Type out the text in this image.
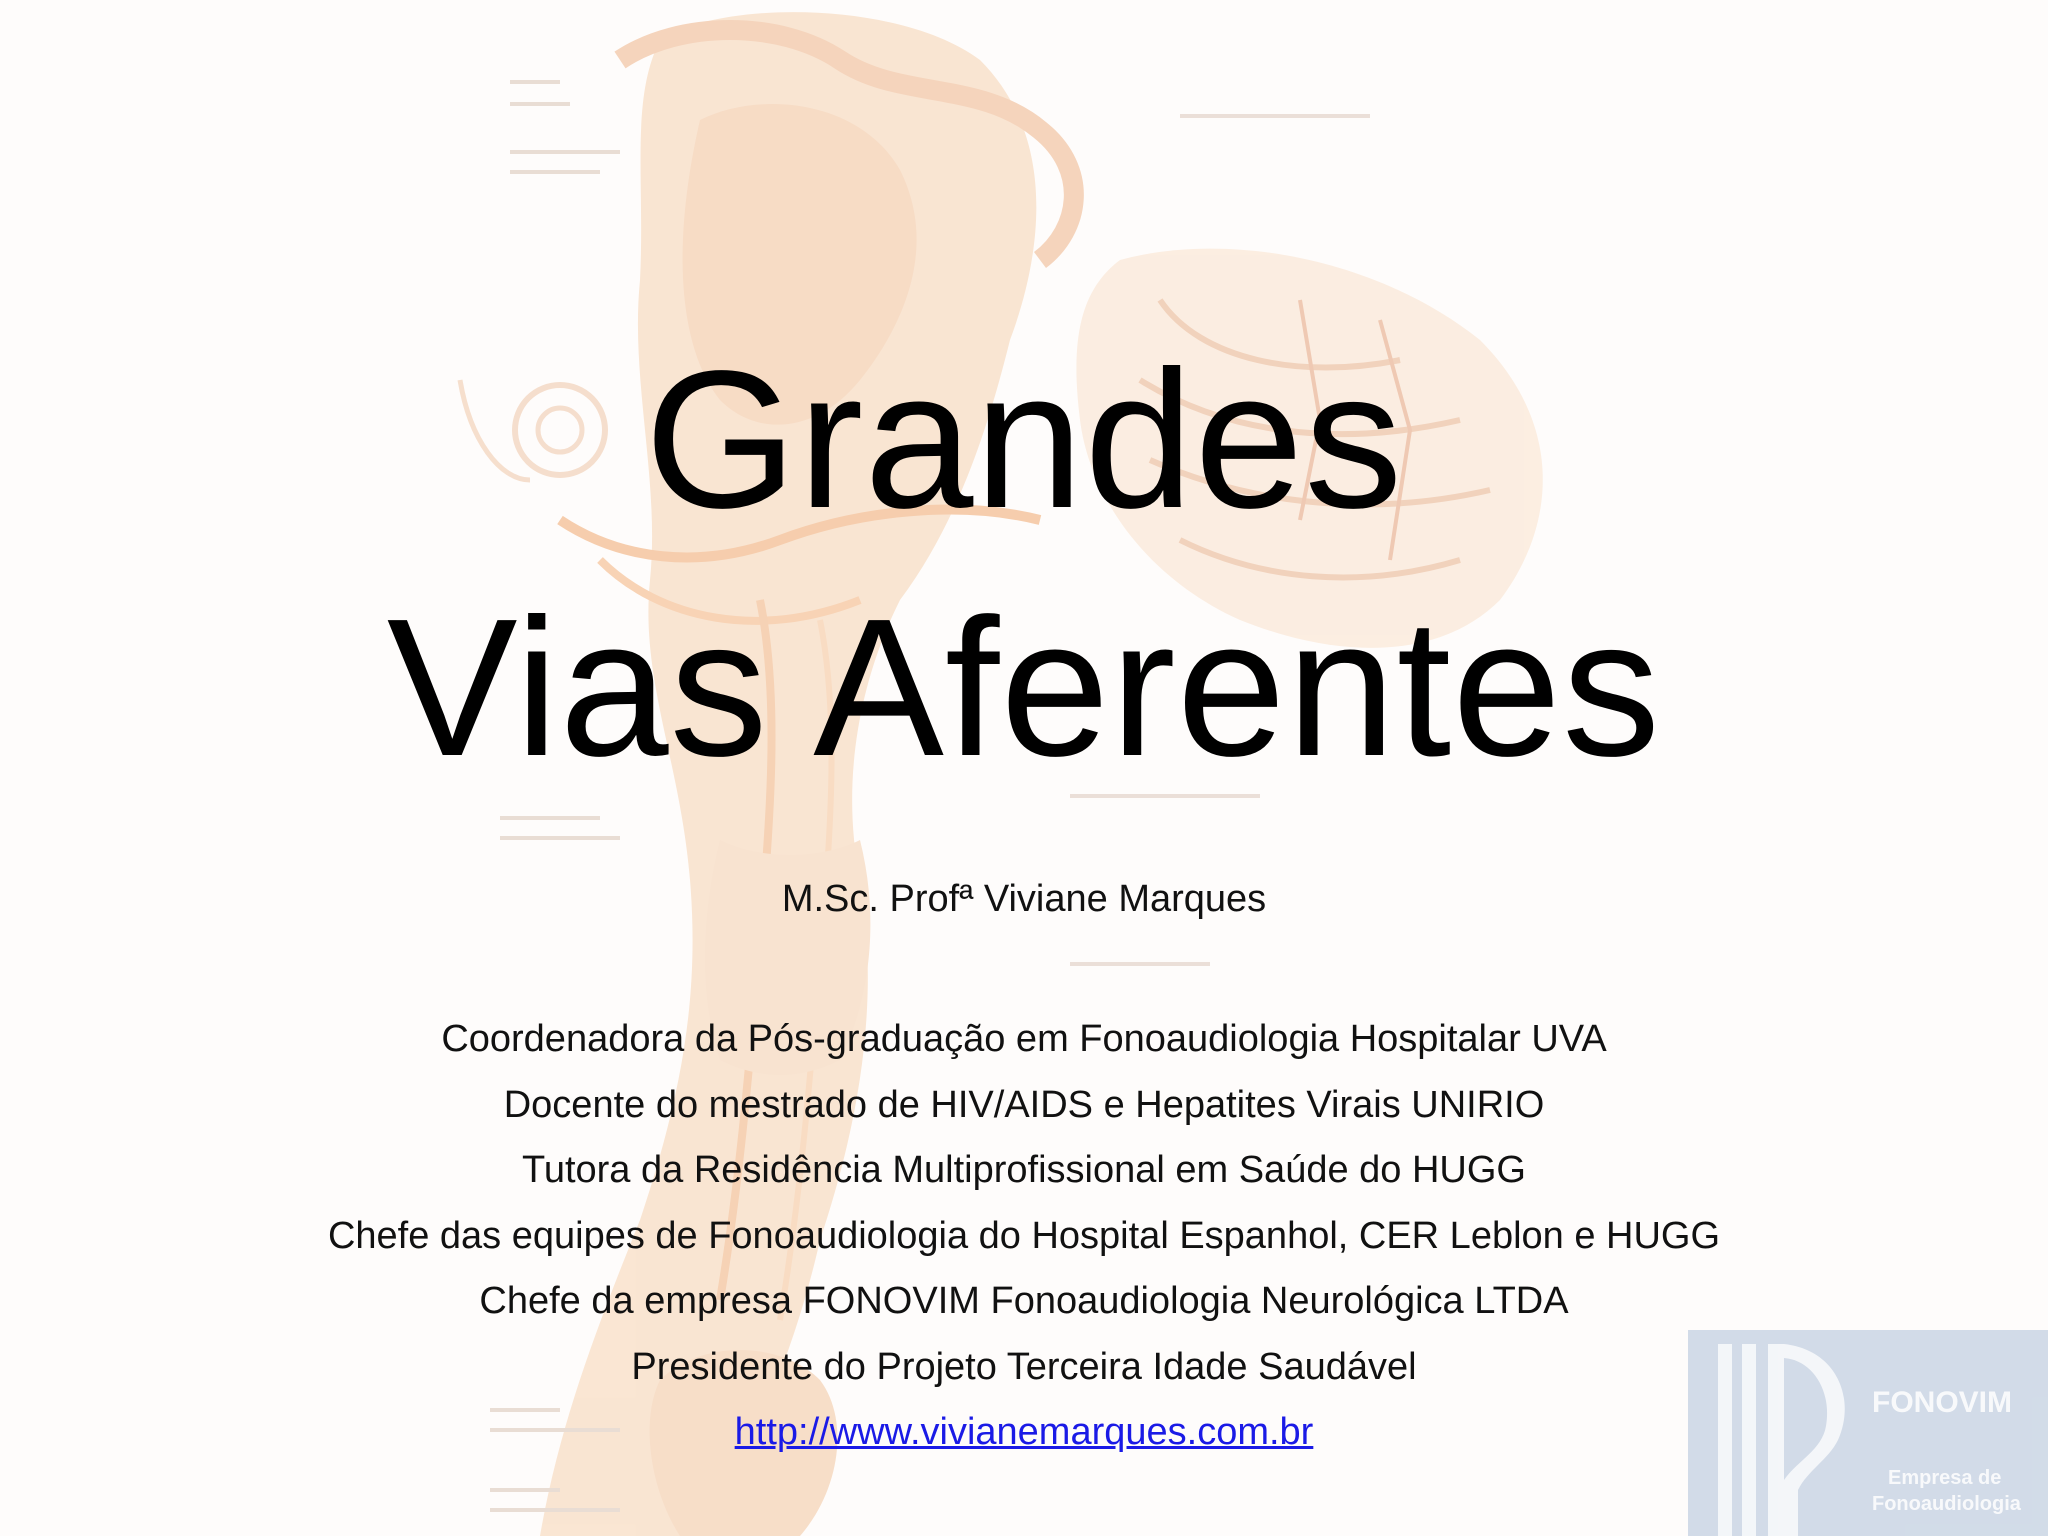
Grandes
Vias Aferentes
M.Sc. Profª Viviane Marques
Coordenadora da Pós-graduação em Fonoaudiologia Hospitalar UVA
Docente do mestrado de HIV/AIDS e Hepatites Virais UNIRIO
Tutora da Residência Multiprofissional em Saúde do HUGG
Chefe das equipes de Fonoaudiologia do Hospital Espanhol, CER Leblon e HUGG
Chefe da empresa FONOVIM Fonoaudiologia Neurológica LTDA
Presidente do Projeto Terceira Idade Saudável
http://www.vivianemarques.com.br
FONOVIM
Empresa de
Fonoaudiologia
